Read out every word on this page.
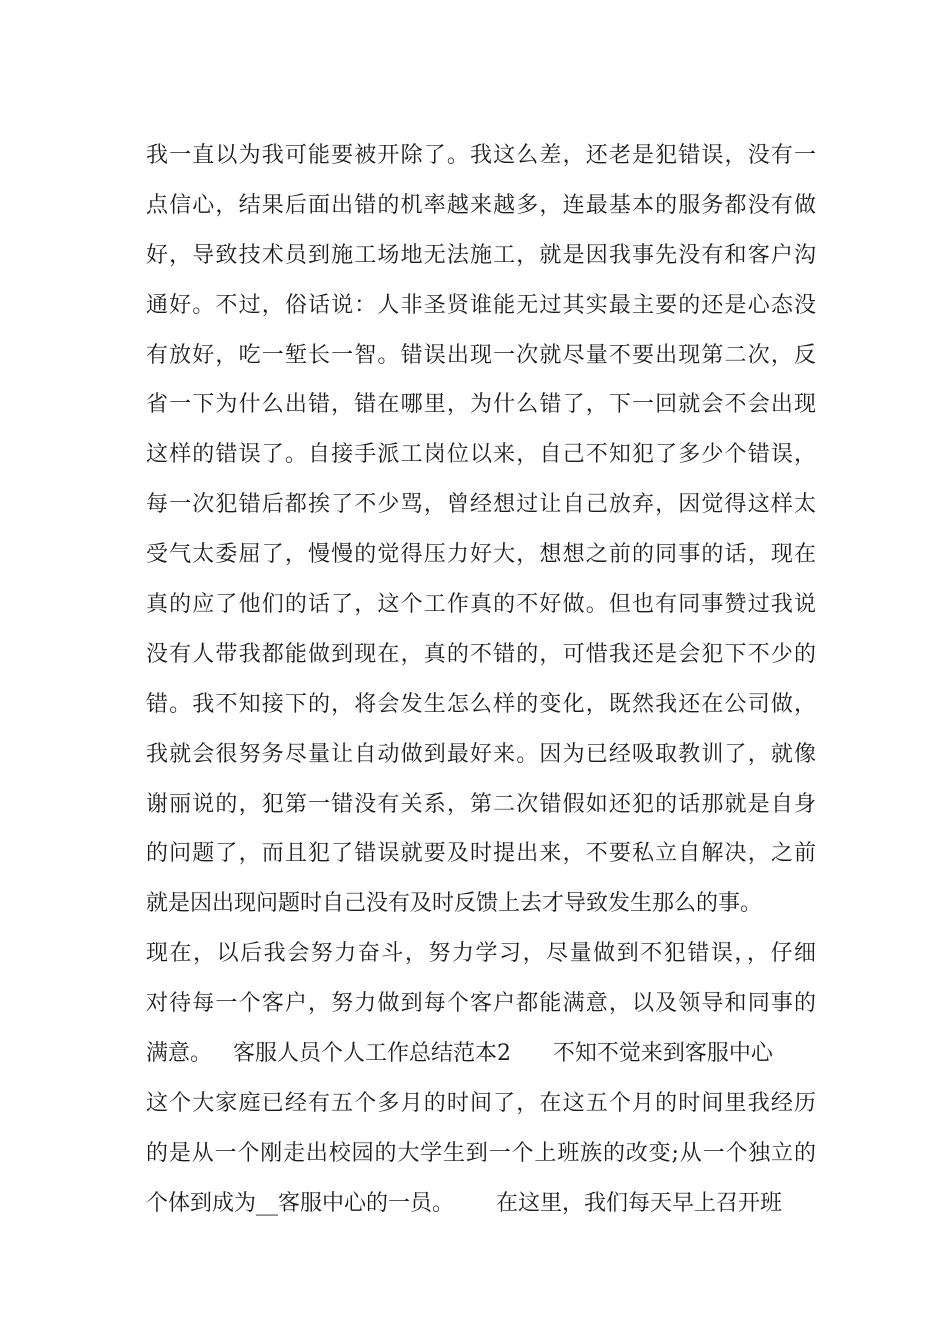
我一直以为我可能要被开除了。我这么差，还老是犯错误，没有一
点信心，结果后面出错的机率越来越多，连最基本的服务都没有做
好，导致技术员到施工场地无法施工，就是因我事先没有和客户沟
通好。不过，俗话说：人非圣贤谁能无过其实最主要的还是心态没
有放好，吃一堑长一智。错误出现一次就尽量不要出现第二次，反
省一下为什么出错，错在哪里，为什么错了，下一回就会不会出现
这样的错误了。自接手派工岗位以来，自己不知犯了多少个错误，
每一次犯错后都挨了不少骂，曾经想过让自己放弃，因觉得这样太
受气太委屈了，慢慢的觉得压力好大，想想之前的同事的话，现在
真的应了他们的话了，这个工作真的不好做。但也有同事赞过我说
没有人带我都能做到现在，真的不错的，可惜我还是会犯下不少的
错。我不知接下的，将会发生怎么样的变化，既然我还在公司做，
我就会很努务尽量让自动做到最好来。因为已经吸取教训了，就像
谢丽说的，犯第一错没有关系，第二次错假如还犯的话那就是自身
的问题了，而且犯了错误就要及时提出来，不要私立自解决，之前
就是因出现问题时自己没有及时反馈上去才导致发生那么的事。
现在，以后我会努力奋斗，努力学习，尽量做到不犯错误，，仔细
对待每一个客户，努力做到每个客户都能满意，以及领导和同事的
满意。   客服人员个人工作总结范本2      不知不觉来到客服中心
这个大家庭已经有五个多月的时间了，在这五个月的时间里我经历
的是从一个刚走出校园的大学生到一个上班族的改变;从一个独立的
个体到成为__客服中心的一员。      在这里，我们每天早上召开班
